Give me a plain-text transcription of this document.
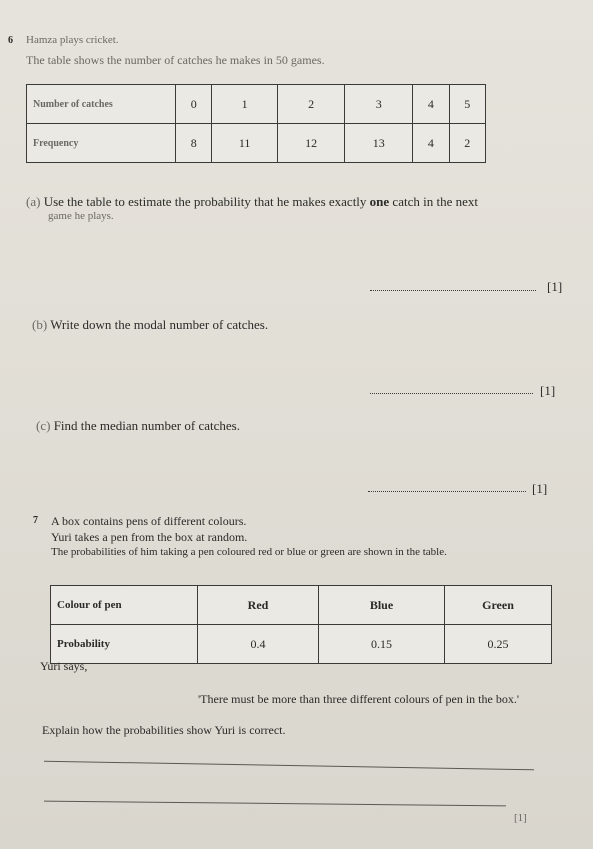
6 Hamza plays cricket.
The table shows the number of catches he makes in 50 games.
Number of catches	0	1	2	3	4	5
Frequency	8	11	12	13	4	2
(a) Use the table to estimate the probability that he makes exactly one catch in the next
game he plays.
[1]
(b) Write down the modal number of catches.
[1]
(c) Find the median number of catches.
[1]
7 A box contains pens of different colours.
Yuri takes a pen from the box at random.
The probabilities of him taking a pen coloured red or blue or green are shown in the table.
Colour of pen	Red	Blue	Green
Probability	0.4	0.15	0.25
Yuri says,
'There must be more than three different colours of pen in the box.'
Explain how the probabilities show Yuri is correct.
[1]
